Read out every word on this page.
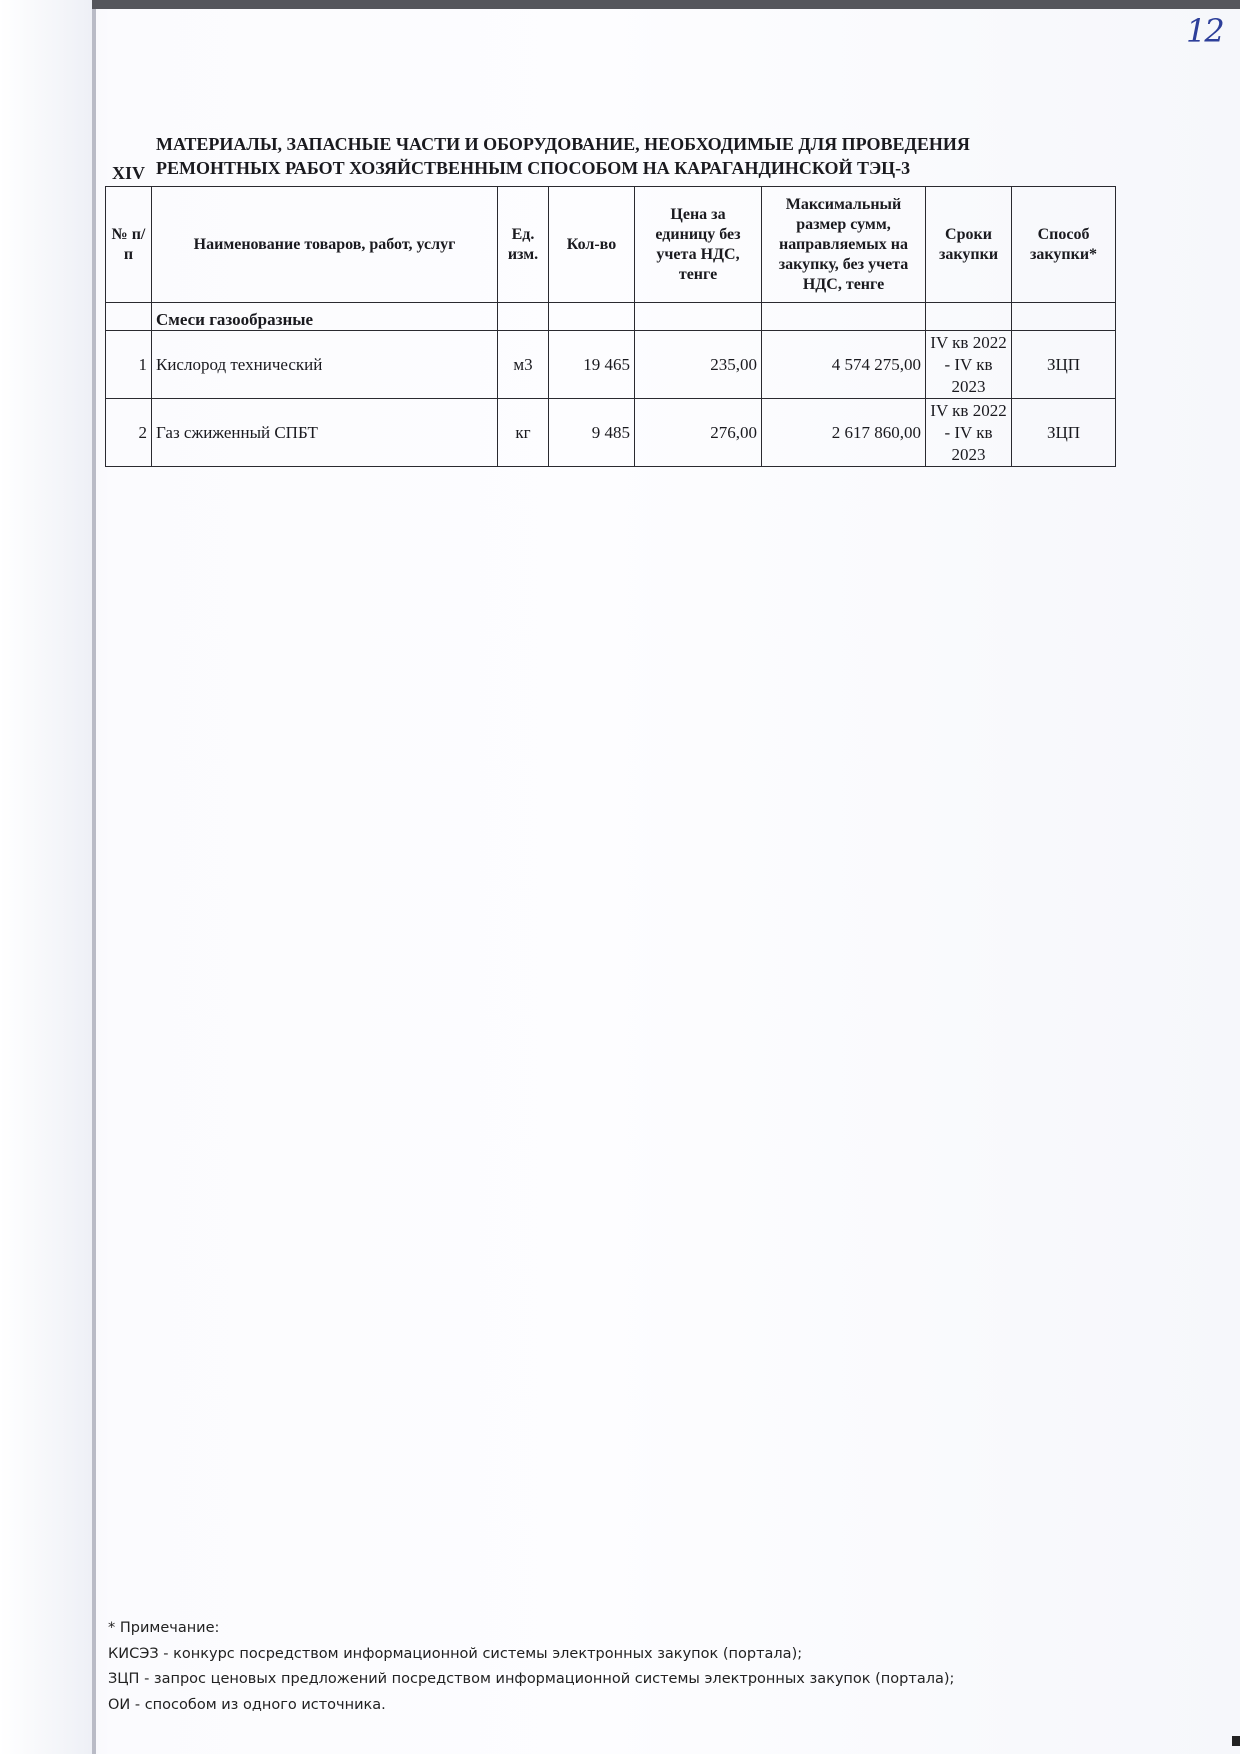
12
XIV
МАТЕРИАЛЫ, ЗАПАСНЫЕ ЧАСТИ И ОБОРУДОВАНИЕ, НЕОБХОДИМЫЕ ДЛЯ ПРОВЕДЕНИЯ
РЕМОНТНЫХ РАБОТ ХОЗЯЙСТВЕННЫМ СПОСОБОМ НА КАРАГАНДИНСКОЙ ТЭЦ-3
№ п/п	Наименование товаров, работ, услуг	Ед. изм.	Кол-во	Цена за единицу без учета НДС, тенге	Максимальный размер сумм, направляемых на закупку, без учета НДС, тенге	Сроки закупки	Способ закупки*
	Смеси газообразные						
1	Кислород технический	м3	19 465	235,00	4 574 275,00	IV кв 2022 - IV кв 2023	ЗЦП
2	Газ сжиженный СПБТ	кг	9 485	276,00	2 617 860,00	IV кв 2022 - IV кв 2023	ЗЦП
* Примечание:
КИСЭЗ - конкурс посредством информационной системы электронных закупок (портала);
ЗЦП - запрос ценовых предложений посредством информационной системы электронных закупок (портала);
ОИ - способом из одного источника.
